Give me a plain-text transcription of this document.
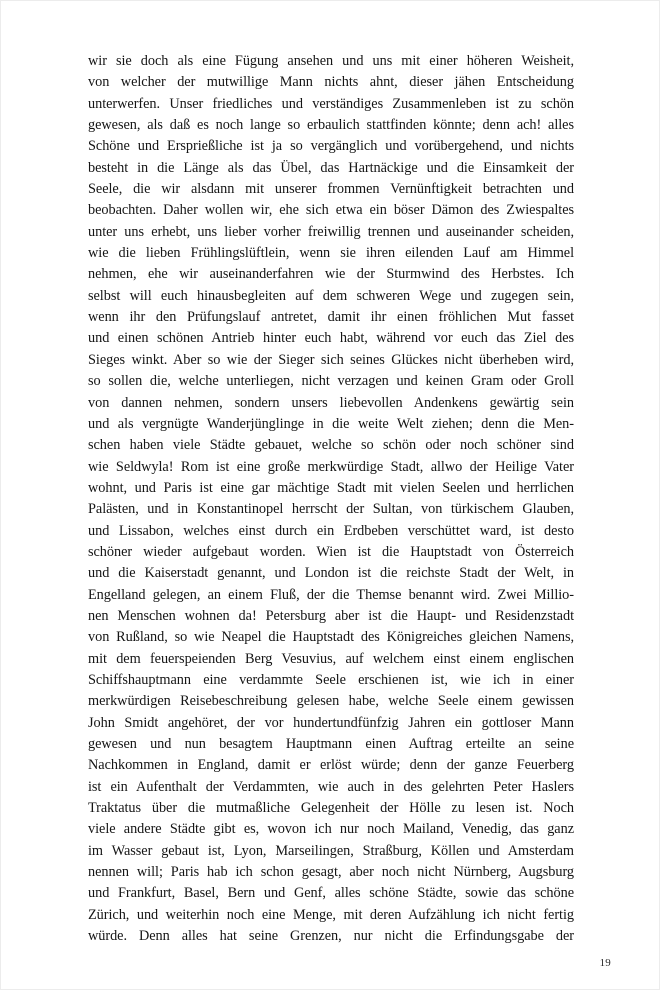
wir sie doch als eine Fügung ansehen und uns mit einer höheren Weisheit,
von welcher der mutwillige Mann nichts ahnt, dieser jähen Entscheidung
unterwerfen. Unser friedliches und verständiges Zusammenleben ist zu schön
gewesen, als daß es noch lange so erbaulich stattfinden könnte; denn ach! alles
Schöne und Ersprießliche ist ja so vergänglich und vorübergehend, und nichts
besteht in die Länge als das Übel, das Hartnäckige und die Einsamkeit der
Seele, die wir alsdann mit unserer frommen Vernünftigkeit betrachten und
beobachten. Daher wollen wir, ehe sich etwa ein böser Dämon des Zwiespaltes
unter uns erhebt, uns lieber vorher freiwillig trennen und auseinander scheiden,
wie die lieben Frühlingslüftlein, wenn sie ihren eilenden Lauf am Himmel
nehmen, ehe wir auseinanderfahren wie der Sturmwind des Herbstes. Ich
selbst will euch hinausbegleiten auf dem schweren Wege und zugegen sein,
wenn ihr den Prüfungslauf antretet, damit ihr einen fröhlichen Mut fasset
und einen schönen Antrieb hinter euch habt, während vor euch das Ziel des
Sieges winkt. Aber so wie der Sieger sich seines Glückes nicht überheben wird,
so sollen die, welche unterliegen, nicht verzagen und keinen Gram oder Groll
von dannen nehmen, sondern unsers liebevollen Andenkens gewärtig sein
und als vergnügte Wanderjünglinge in die weite Welt ziehen; denn die Men-
schen haben viele Städte gebauet, welche so schön oder noch schöner sind
wie Seldwyla! Rom ist eine große merkwürdige Stadt, allwo der Heilige Vater
wohnt, und Paris ist eine gar mächtige Stadt mit vielen Seelen und herrlichen
Palästen, und in Konstantinopel herrscht der Sultan, von türkischem Glauben,
und Lissabon, welches einst durch ein Erdbeben verschüttet ward, ist desto
schöner wieder aufgebaut worden. Wien ist die Hauptstadt von Österreich
und die Kaiserstadt genannt, und London ist die reichste Stadt der Welt, in
Engelland gelegen, an einem Fluß, der die Themse benannt wird. Zwei Millio-
nen Menschen wohnen da! Petersburg aber ist die Haupt- und Residenzstadt
von Rußland, so wie Neapel die Hauptstadt des Königreiches gleichen Namens,
mit dem feuerspeienden Berg Vesuvius, auf welchem einst einem englischen
Schiffshauptmann eine verdammte Seele erschienen ist, wie ich in einer
merkwürdigen Reisebeschreibung gelesen habe, welche Seele einem gewissen
John Smidt angehöret, der vor hundertundfünfzig Jahren ein gottloser Mann
gewesen und nun besagtem Hauptmann einen Auftrag erteilte an seine
Nachkommen in England, damit er erlöst würde; denn der ganze Feuerberg
ist ein Aufenthalt der Verdammten, wie auch in des gelehrten Peter Haslers
Traktatus über die mutmaßliche Gelegenheit der Hölle zu lesen ist. Noch
viele andere Städte gibt es, wovon ich nur noch Mailand, Venedig, das ganz
im Wasser gebaut ist, Lyon, Marseilingen, Straßburg, Köllen und Amsterdam
nennen will; Paris hab ich schon gesagt, aber noch nicht Nürnberg, Augsburg
und Frankfurt, Basel, Bern und Genf, alles schöne Städte, sowie das schöne
Zürich, und weiterhin noch eine Menge, mit deren Aufzählung ich nicht fertig
würde. Denn alles hat seine Grenzen, nur nicht die Erfindungsgabe der
19
